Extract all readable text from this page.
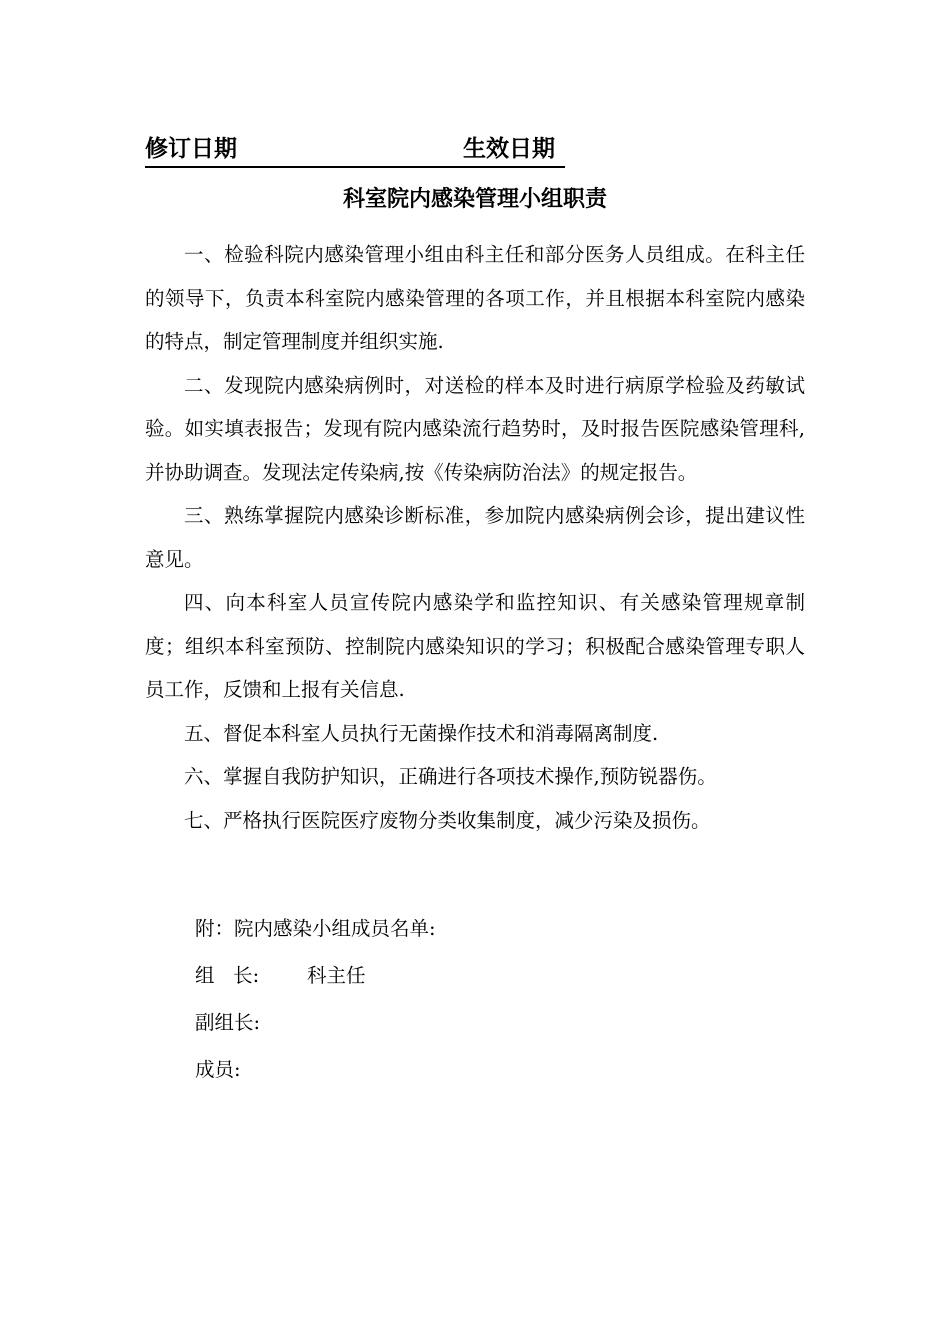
修订日期	生效日期
科室院内感染管理小组职责

一、检验科院内感染管理小组由科主任和部分医务人员组成。在科主任的领导下，负责本科室院内感染管理的各项工作，并且根据本科室院内感染的特点，制定管理制度并组织实施.

二、发现院内感染病例时，对送检的样本及时进行病原学检验及药敏试验。如实填表报告；发现有院内感染流行趋势时，及时报告医院感染管理科,并协助调查。发现法定传染病,按《传染病防治法》的规定报告。

三、熟练掌握院内感染诊断标准，参加院内感染病例会诊，提出建议性意见。

四、向本科室人员宣传院内感染学和监控知识、有关感染管理规章制度；组织本科室预防、控制院内感染知识的学习；积极配合感染管理专职人员工作，反馈和上报有关信息.

五、督促本科室人员执行无菌操作技术和消毒隔离制度.

六、掌握自我防护知识，正确进行各项技术操作,预防锐器伤。

七、严格执行医院医疗废物分类收集制度，减少污染及损伤。

附：院内感染小组成员名单:
组   长: 科主任
副组长:
成员:
